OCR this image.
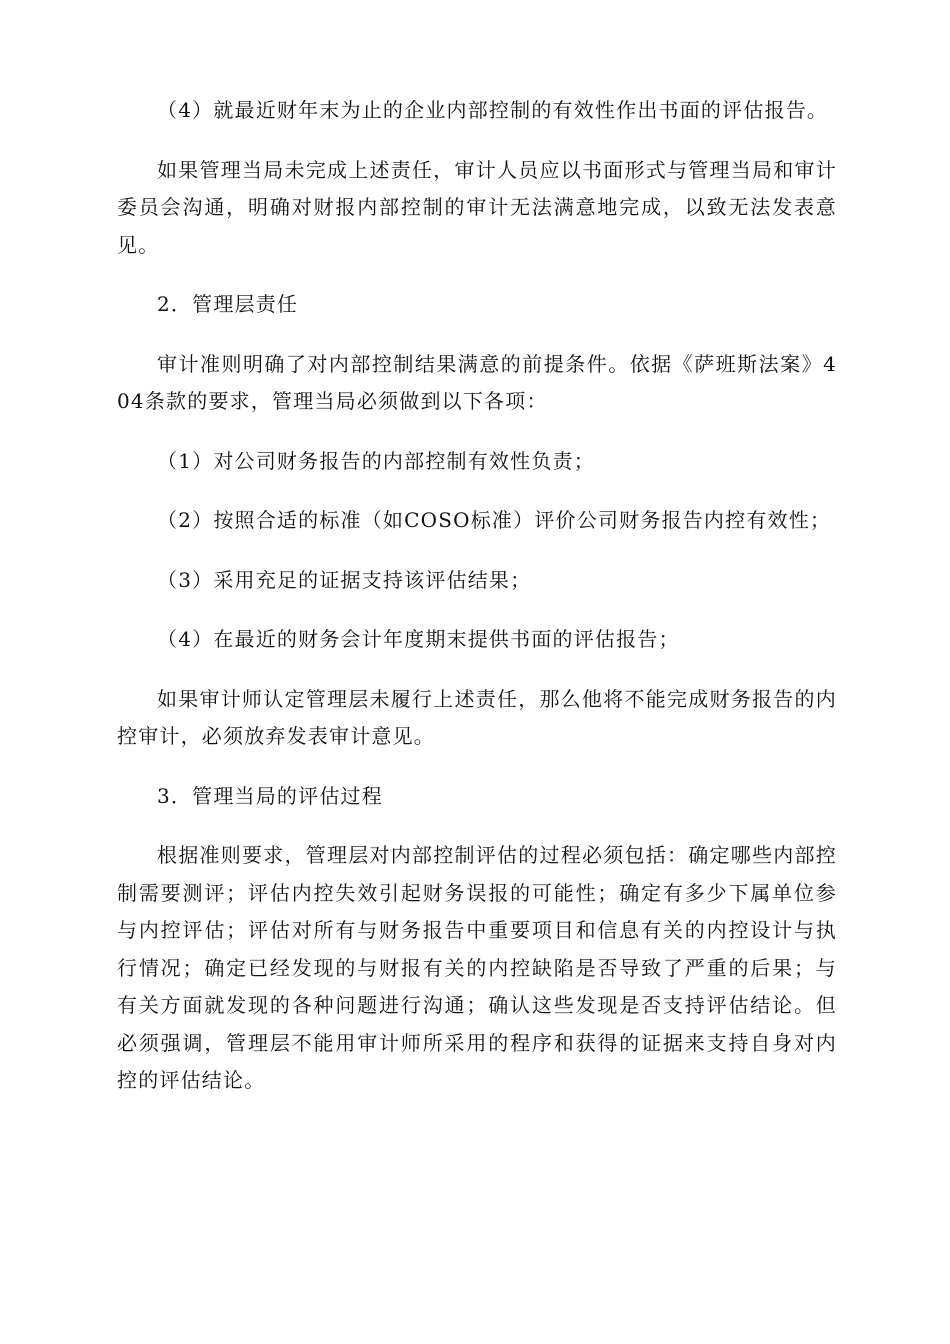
（4）就最近财年末为止的企业内部控制的有效性作出书面的评估报告。

如果管理当局未完成上述责任，审计人员应以书面形式与管理当局和审计委员会沟通，明确对财报内部控制的审计无法满意地完成，以致无法发表意见。

2．管理层责任

审计准则明确了对内部控制结果满意的前提条件。依据《萨班斯法案》404条款的要求，管理当局必须做到以下各项：

（1）对公司财务报告的内部控制有效性负责；

（2）按照合适的标准（如COSO标准）评价公司财务报告内控有效性；

（3）采用充足的证据支持该评估结果；

（4）在最近的财务会计年度期末提供书面的评估报告；

如果审计师认定管理层未履行上述责任，那么他将不能完成财务报告的内控审计，必须放弃发表审计意见。

3．管理当局的评估过程

根据准则要求，管理层对内部控制评估的过程必须包括：确定哪些内部控制需要测评；评估内控失效引起财务误报的可能性；确定有多少下属单位参与内控评估；评估对所有与财务报告中重要项目和信息有关的内控设计与执行情况；确定已经发现的与财报有关的内控缺陷是否导致了严重的后果；与有关方面就发现的各种问题进行沟通；确认这些发现是否支持评估结论。但必须强调，管理层不能用审计师所采用的程序和获得的证据来支持自身对内控的评估结论。
